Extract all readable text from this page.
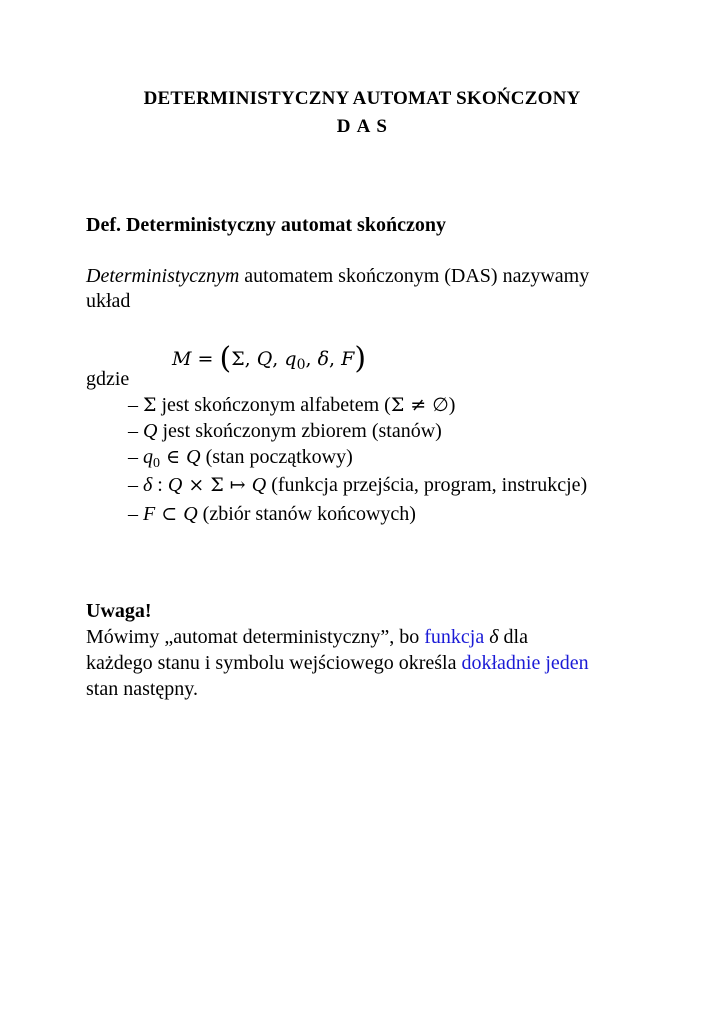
DETERMINISTYCZNY AUTOMAT SKOŃCZONY
D A S
Def. Deterministyczny automat skończony
Deterministycznym automatem skończonym (DAS) nazywamy
układ
M = (Σ, Q, $q_0$, δ, F)
gdzie
– Σ jest skończonym alfabetem (Σ ≠ ∅)
– Q jest skończonym zbiorem (stanów)
– $q_0$ ∈ Q (stan początkowy)
– δ : Q × Σ ↦ Q (funkcja przejścia, program, instrukcje)
– F ⊂ Q (zbiór stanów końcowych)
Uwaga!
Mówimy „automat deterministyczny”, bo funkcja δ dla
każdego stanu i symbolu wejściowego określa dokładnie jeden
stan następny.
